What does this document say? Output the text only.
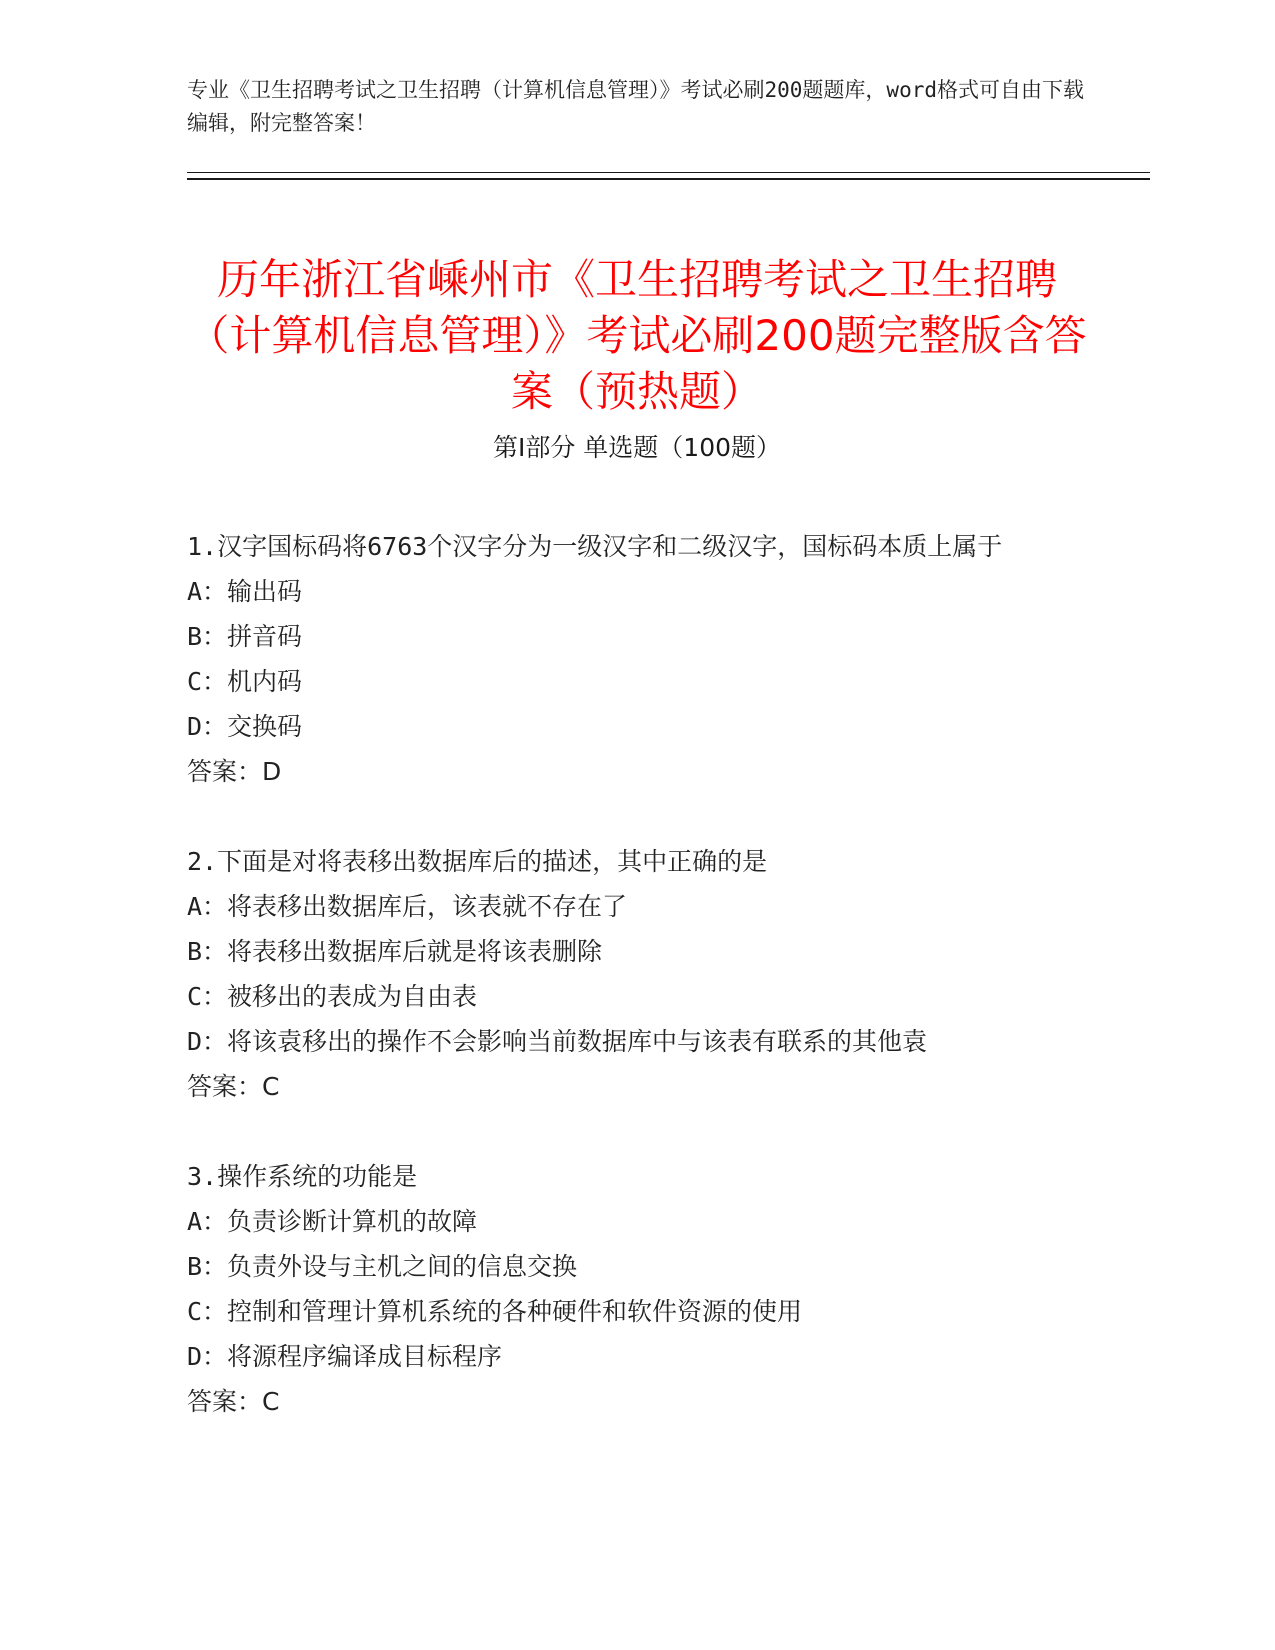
专业《卫生招聘考试之卫生招聘（计算机信息管理）》考试必刷200题题库，word格式可自由下载编辑，附完整答案！
历年浙江省嵊州市《卫生招聘考试之卫生招聘（计算机信息管理）》考试必刷200题完整版含答案（预热题）
第Ⅰ部分 单选题（100题）
1.汉字国标码将6763个汉字分为一级汉字和二级汉字，国标码本质上属于
A：输出码
B：拼音码
C：机内码
D：交换码
答案：D
2.下面是对将表移出数据库后的描述，其中正确的是
A：将表移出数据库后，该表就不存在了
B：将表移出数据库后就是将该表删除
C：被移出的表成为自由表
D：将该袁移出的操作不会影响当前数据库中与该表有联系的其他袁
答案：C
3.操作系统的功能是
A：负责诊断计算机的故障
B：负责外设与主机之间的信息交换
C：控制和管理计算机系统的各种硬件和软件资源的使用
D：将源程序编译成目标程序
答案：C
